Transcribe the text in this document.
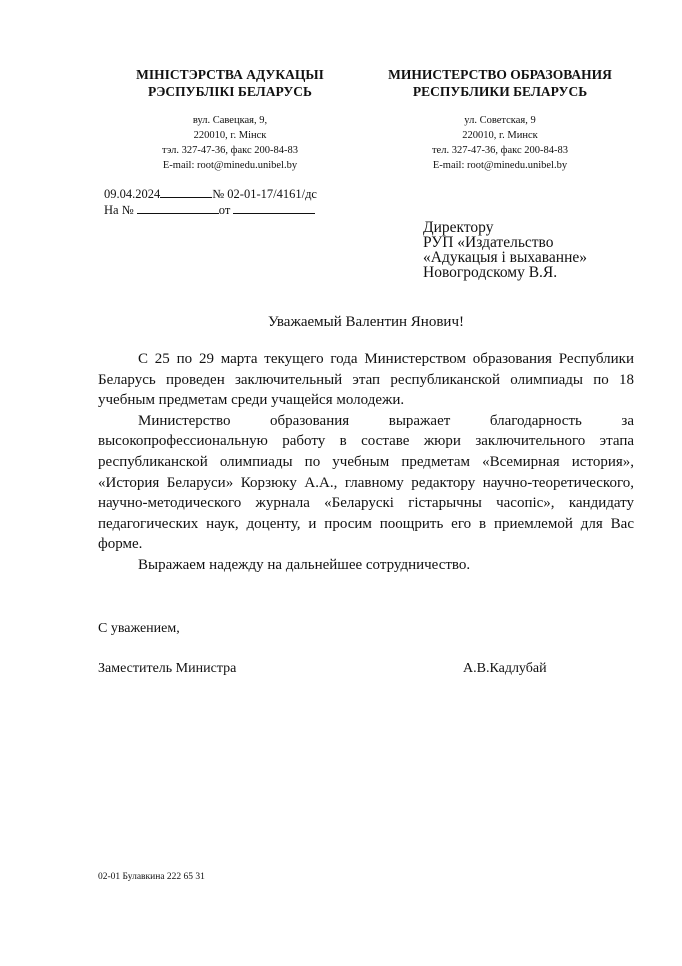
МІНІСТЭРСТВА АДУКАЦЫІ
РЭСПУБЛІКІ БЕЛАРУСЬ
вул. Савецкая, 9,
220010, г. Мінск
тэл. 327-47-36, факс 200-84-83
E-mail: root@minedu.unibel.by
МИНИСТЕРСТВО ОБРАЗОВАНИЯ
РЕСПУБЛИКИ БЕЛАРУСЬ
ул. Советская, 9
220010, г. Минск
тел. 327-47-36, факс 200-84-83
E-mail: root@minedu.unibel.by
09.04.2024	№ 02-01-17/4161/дс
На №	от
Директору
РУП «Издательство
«Адукацыя і выхаванне»
Новогродскому В.Я.
Уважаемый Валентин Янович!

С 25 по 29 марта текущего года Министерством образования Республики Беларусь проведен заключительный этап республиканской олимпиады по 18 учебным предметам среди учащейся молодежи.

Министерство образования выражает благодарность за высокопрофессиональную работу в составе жюри заключительного этапа республиканской олимпиады по учебным предметам «Всемирная история», «История Беларуси» Корзюку А.А., главному редактору научно-теоретического, научно-методического журнала «Беларускі гістарычны часопіс», кандидату педагогических наук, доценту, и просим поощрить его в приемлемой для Вас форме.

Выражаем надежду на дальнейшее сотрудничество.

С уважением,
Заместитель Министра	А.В.Кадлубай
02-01 Булавкина 222 65 31
